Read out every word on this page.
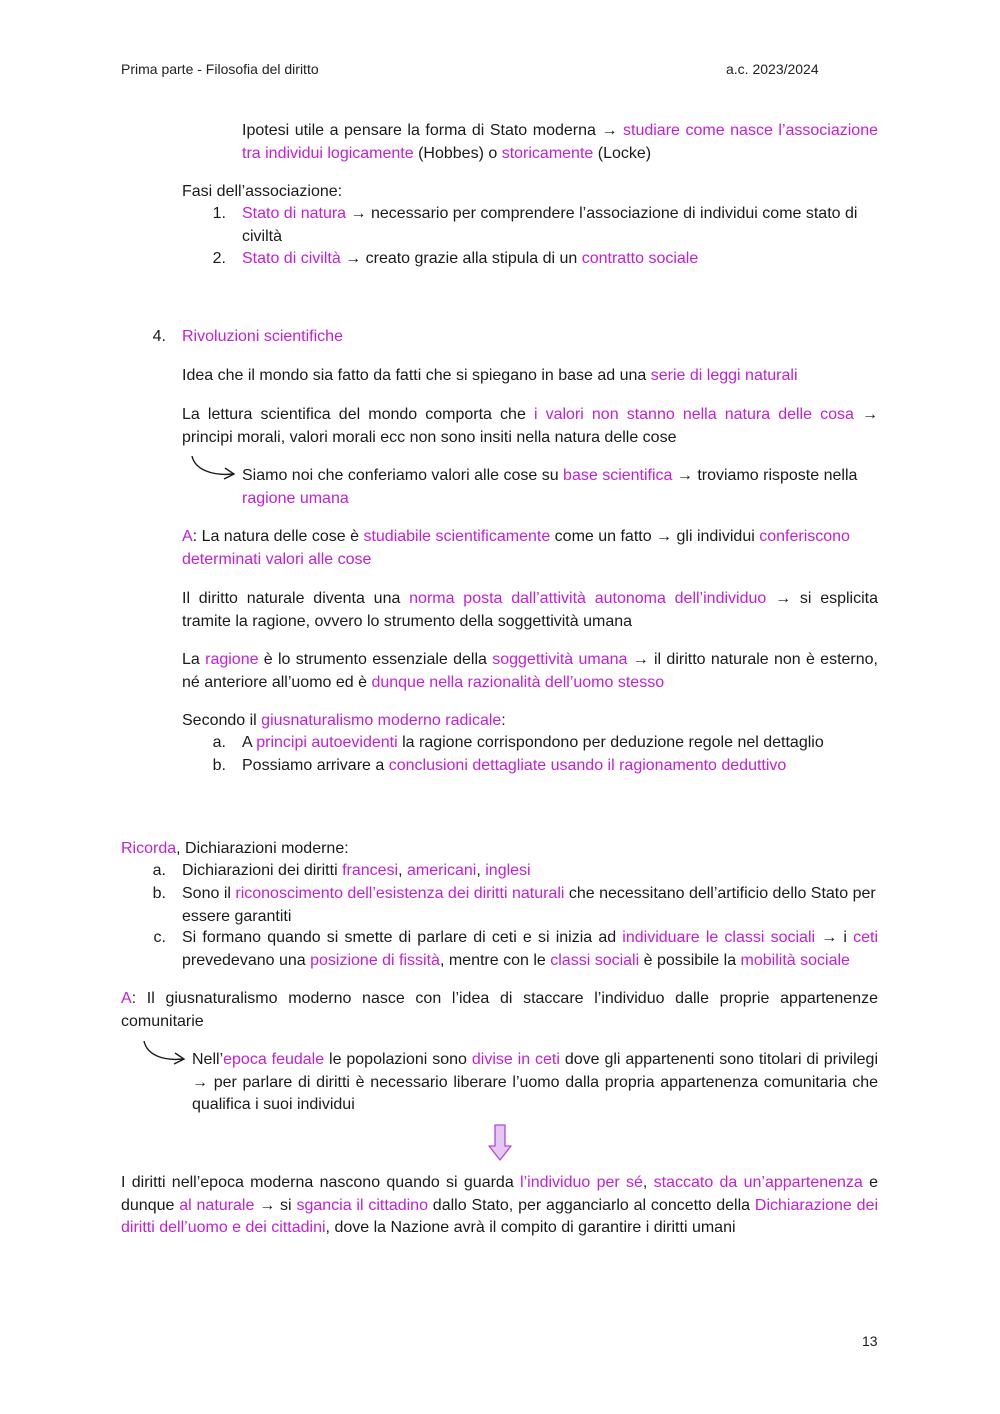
Prima parte - Filosofia del diritto	a.c. 2023/2024

Ipotesi utile a pensare la forma di Stato moderna → studiare come nasce l’associazione tra individui logicamente (Hobbes) o storicamente (Locke)

Fasi dell’associazione:

1. Stato di natura → necessario per comprendere l’associazione di individui come stato di civiltà

2. Stato di civiltà → creato grazie alla stipula di un contratto sociale

4. Rivoluzioni scientifiche

Idea che il mondo sia fatto da fatti che si spiegano in base ad una serie di leggi naturali

La lettura scientifica del mondo comporta che i valori non stanno nella natura delle cosa → principi morali, valori morali ecc non sono insiti nella natura delle cose

Siamo noi che conferiamo valori alle cose su base scientifica → troviamo risposte nella ragione umana

A: La natura delle cose è studiabile scientificamente come un fatto → gli individui conferiscono determinati valori alle cose

Il diritto naturale diventa una norma posta dall’attività autonoma dell’individuo → si esplicita tramite la ragione, ovvero lo strumento della soggettività umana

La ragione è lo strumento essenziale della soggettività umana → il diritto naturale non è esterno, né anteriore all’uomo ed è dunque nella razionalità dell’uomo stesso

Secondo il giusnaturalismo moderno radicale:

a. A principi autoevidenti la ragione corrispondono per deduzione regole nel dettaglio

b. Possiamo arrivare a conclusioni dettagliate usando il ragionamento deduttivo

Ricorda, Dichiarazioni moderne:

a. Dichiarazioni dei diritti francesi, americani, inglesi

b. Sono il riconoscimento dell’esistenza dei diritti naturali che necessitano dell’artificio dello Stato per essere garantiti

c. Si formano quando si smette di parlare di ceti e si inizia ad individuare le classi sociali → i ceti prevedevano una posizione di fissità, mentre con le classi sociali è possibile la mobilità sociale

A: Il giusnaturalismo moderno nasce con l’idea di staccare l’individuo dalle proprie appartenenze comunitarie

Nell’epoca feudale le popolazioni sono divise in ceti dove gli appartenenti sono titolari di privilegi → per parlare di diritti è necessario liberare l’uomo dalla propria appartenenza comunitaria che qualifica i suoi individui

I diritti nell’epoca moderna nascono quando si guarda l’individuo per sé, staccato da un’appartenenza e dunque al naturale → si sgancia il cittadino dallo Stato, per agganciarlo al concetto della Dichiarazione dei diritti dell’uomo e dei cittadini, dove la Nazione avrà il compito di garantire i diritti umani

13
